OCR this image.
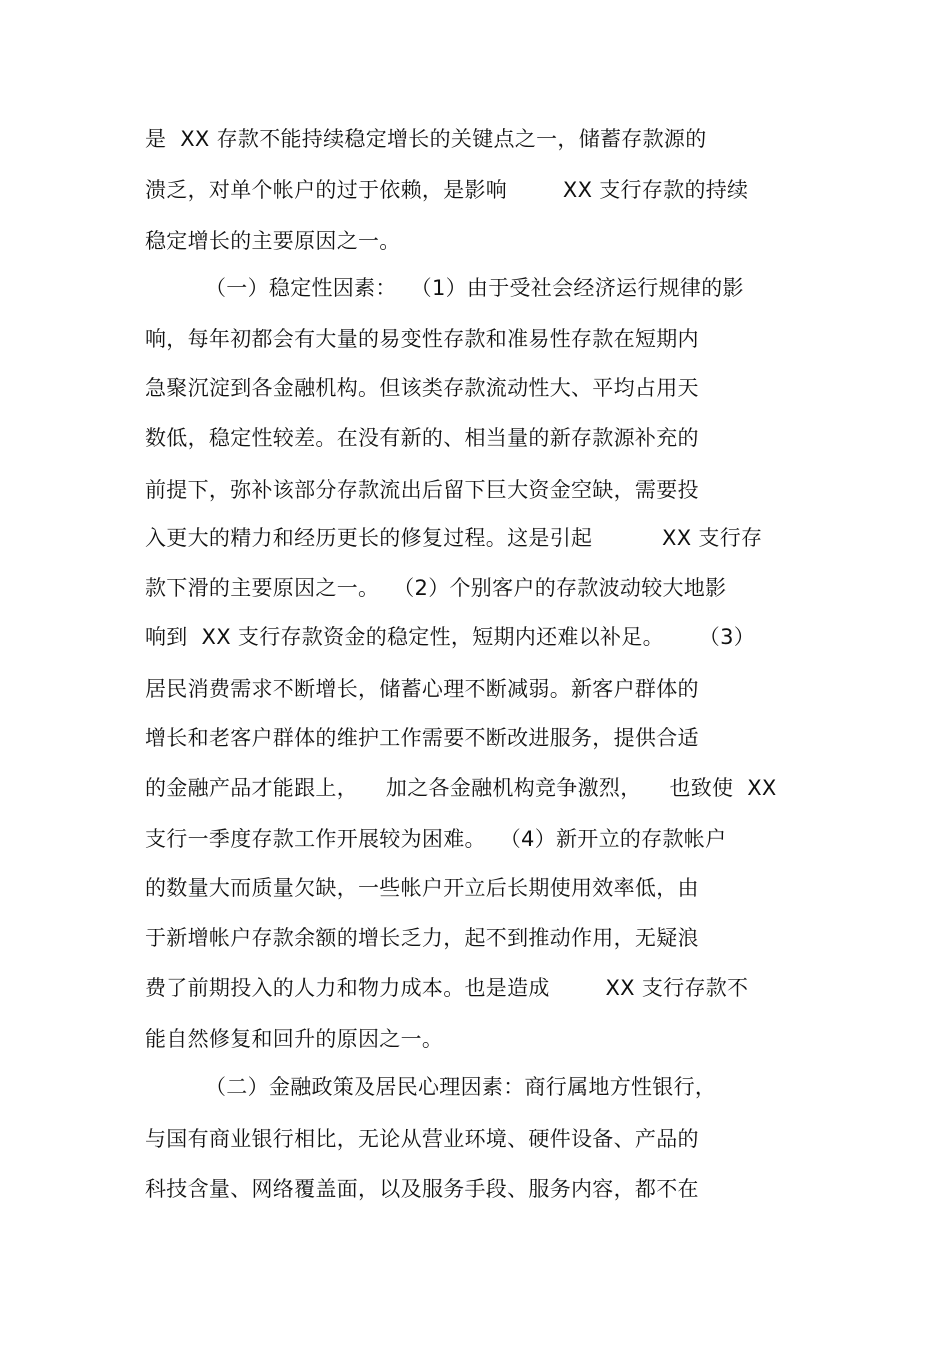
是  XX 存款不能持续稳定增长的关键点之一，储蓄存款源的
溃乏，对单个帐户的过于依赖，是影响        XX 支行存款的持续
稳定增长的主要原因之一。
（一）稳定性因素：  （1）由于受社会经济运行规律的影
响，每年初都会有大量的易变性存款和准易性存款在短期内
急聚沉淀到各金融机构。但该类存款流动性大、平均占用天
数低，稳定性较差。在没有新的、相当量的新存款源补充的
前提下，弥补该部分存款流出后留下巨大资金空缺，需要投
入更大的精力和经历更长的修复过程。这是引起          XX 支行存
款下滑的主要原因之一。  （2）个别客户的存款波动较大地影
响到  XX 支行存款资金的稳定性，短期内还难以补足。     （3）
居民消费需求不断增长，储蓄心理不断减弱。新客户群体的
增长和老客户群体的维护工作需要不断改进服务，提供合适
的金融产品才能跟上，    加之各金融机构竞争激烈，    也致使  XX
支行一季度存款工作开展较为困难。  （4）新开立的存款帐户
的数量大而质量欠缺，一些帐户开立后长期使用效率低，由
于新增帐户存款余额的增长乏力，起不到推动作用，无疑浪
费了前期投入的人力和物力成本。也是造成        XX 支行存款不
能自然修复和回升的原因之一。
（二）金融政策及居民心理因素：商行属地方性银行，
与国有商业银行相比，无论从营业环境、硬件设备、产品的
科技含量、网络覆盖面，以及服务手段、服务内容，都不在
